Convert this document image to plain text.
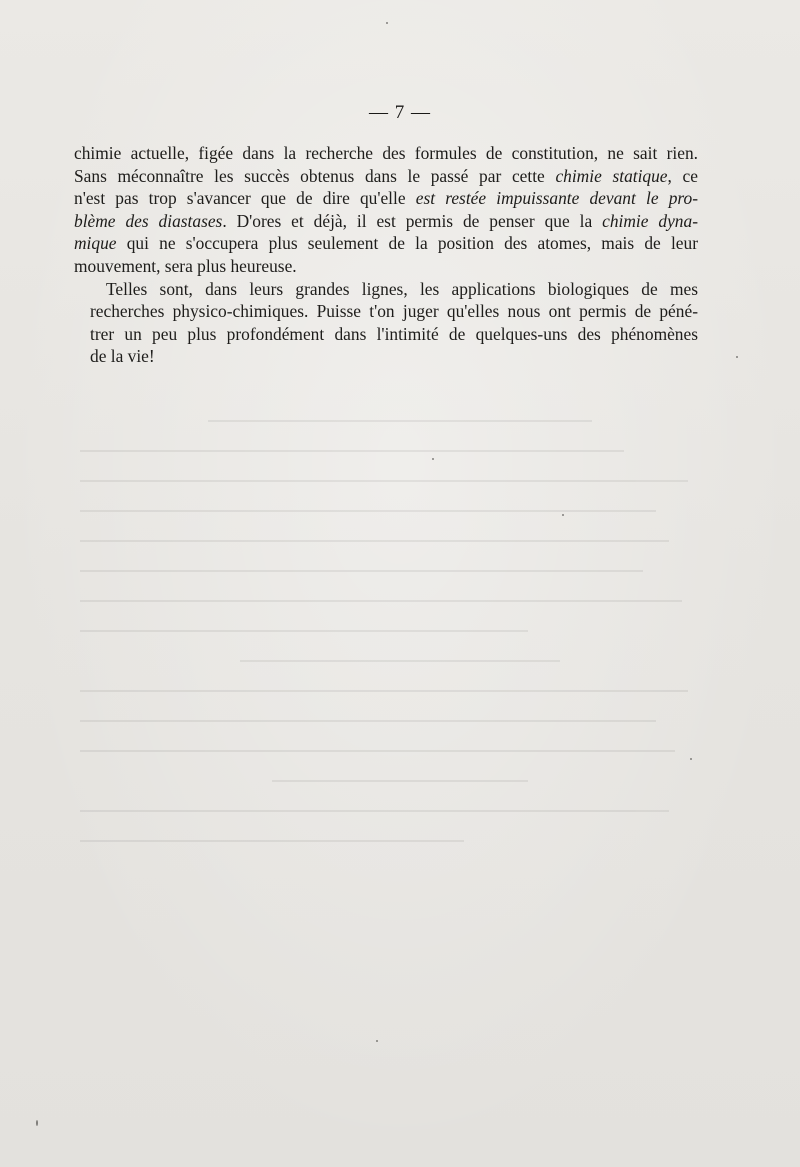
— 7 —

chimie actuelle, figée dans la recherche des formules de constitution, ne sait rien.
Sans méconnaître les succès obtenus dans le passé par cette chimie statique, ce
n'est pas trop s'avancer que de dire qu'elle est restée impuissante devant le pro-
blème des diastases. D'ores et déjà, il est permis de penser que la chimie dyna-
mique qui ne s'occupera plus seulement de la position des atomes, mais de leur
mouvement, sera plus heureuse.

Telles sont, dans leurs grandes lignes, les applications biologiques de mes
recherches physico-chimiques. Puisse t'on juger qu'elles nous ont permis de péné-
trer un peu plus profondément dans l'intimité de quelques-uns des phénomènes
de la vie!
